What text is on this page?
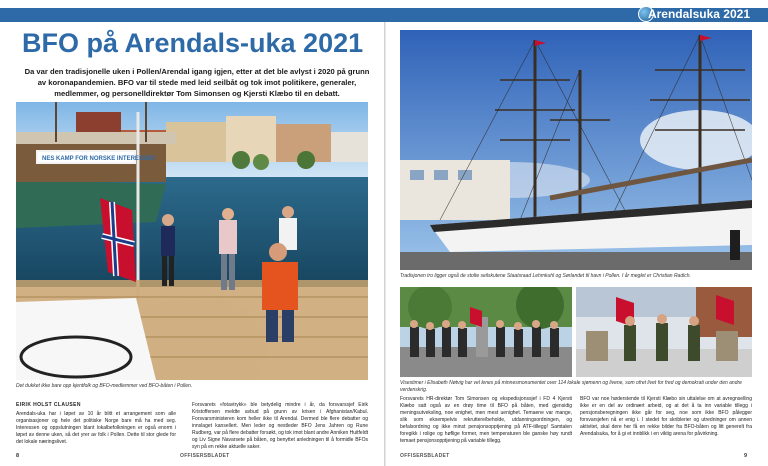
Arendalsuka 2021
BFO på Arendals-uka 2021

Da var den tradisjonelle uken i Pollen/Arendal igang igjen, etter at det ble avlyst i 2020 på grunn av koronapandemien. BFO var til stede med leid seilbåt og tok imot politikere, generaler, medlemmer, og personelldirektør Tom Simonsen og Kjersti Klæbo til en debatt.

NES KAMP FOR NORSKE INTERESSER

Det dukket ikke bare opp kjentfolk og BFO-medlemmer ved BFO-båten i Pollen.

EIRIK HOLST CLAUSEN

Arendals-uka har i løpet av 10 år blitt et arrangement som alle organisasjoner og hele det politiske Norge bare må ha med seg. Interessen og oppslutningen blant lokalbefolkningen er også enorm i løpet av denne uken, så det yrer av folk i Pollen. Dette til stor glede for det lokale næringslivet.

Forsvarets «fotavtrykk» ble betydelig mindre i år, da forsvarssjef Eirik Kristoffersen meldte avbud på grunn av krisen i Afghanistan/Kabul. Forsvarsministeren kom heller ikke til Arendal. Dermed ble flere debatter og innslaget kansellert. Men leder og nestleder BFO Jens Jahren og Rune Rudberg, var på flere debatter forsøkt, og tok imot blant andre Anniken Huitfeldt og Liv Signe Navarsete på båten, og benyttet anledningen til å formidle BFOs syn på en rekke aktuelle saker.

8	OFFISERSBLADET

Tradisjonen tro ligger også de stolte seilskutene Staatsraad Lehmkuhl og Sørlandet til havn i Pollen. I år meglet er Christian Radich.

Visestimer i Elisabeth Nøtvig har vel lenes på minnesmonumentet over 114 lokale sjømenn og livene, som ofret livet for fred og demokrati under den andre verdenskrig.

Forsvarets HR-direktør Tom Simonsen og ekspedisjonssjef i FD 4 Kjersti Klæbo satt også av en drøy time til BFO på båten, med gjensidig meningsutveksling, noe enighet, men mest uenighet. Temaene var mange, slik som eksempelvis rekruttere/beholde, utdanningsordningen, og befalsordning og ikke minst pensjonsopptjening på ATF-tillegg! Samtalen foregikk i rolige og høflige former, men temperaturen ble ganske høy rundt temaet pensjonsopptjening på variable tillegg.

BFO var noe høderstende til Kjersti Klæbo sin uttalelse om at avregnselling ikke er en del av ordinært arbeid, og at det å ta inn variable tillegg i pensjonsberegningen ikke går for seg, noe som ikke BFO pålegger forsvarsjefen nå er enig i. I stedet for skriblerier og utredninger om annen aktivitet, skal dere her få en rekke bilder fra BFO-båten og litt generelt fra Arendalsuka, for å gi et innblikk i en viktig arena for påvirkning.

OFFISERSBLADET	9
